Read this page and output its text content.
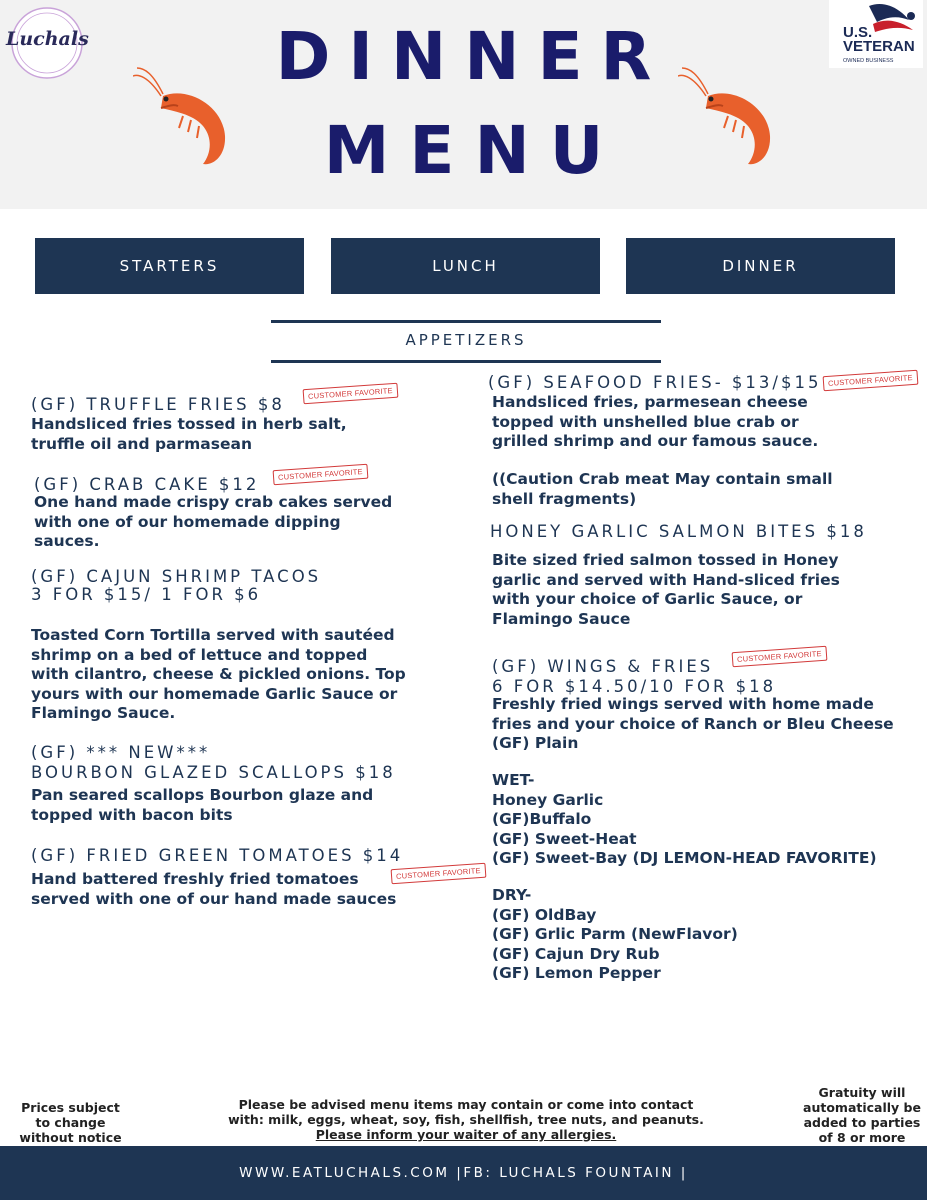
Luchals	DINNER
MENU
U.S.
VETERAN
OWNED BUSINESS
STARTERS	LUNCH	DINNER
APPETIZERS
(GF) TRUFFLE FRIES $8
CUSTOMER FAVORITE
Handsliced fries tossed in herb salt,
truffle oil and parmasean
(GF) CRAB CAKE $12
CUSTOMER FAVORITE
One hand made crispy crab cakes served
with one of our homemade dipping
sauces.
(GF) CAJUN SHRIMP TACOS
3 FOR $15/ 1 FOR $6
Toasted Corn Tortilla served with sautéed
shrimp on a bed of lettuce and topped
with cilantro, cheese & pickled onions. Top
yours with our homemade Garlic Sauce or
Flamingo Sauce.
(GF) *** NEW***
BOURBON GLAZED SCALLOPS $18
Pan seared scallops Bourbon glaze and
topped with bacon bits
(GF) FRIED GREEN TOMATOES $14
CUSTOMER FAVORITE
Hand battered freshly fried tomatoes
served with one of our hand made sauces
(GF) SEAFOOD FRIES- $13/$15 CUSTOMER FAVORITE
Handsliced fries, parmesean cheese
topped with unshelled blue crab or
grilled shrimp and our famous sauce.
((Caution Crab meat May contain small
shell fragments)
HONEY GARLIC SALMON BITES $18
Bite sized fried salmon tossed in Honey
garlic and served with Hand-sliced fries
with your choice of Garlic Sauce, or
Flamingo Sauce
(GF) WINGS & FRIES
CUSTOMER FAVORITE
6 FOR $14.50/10 FOR $18
Freshly fried wings served with home made
fries and your choice of Ranch or Bleu Cheese
(GF) Plain
WET-
Honey Garlic
(GF)Buffalo
(GF) Sweet-Heat
(GF) Sweet-Bay (DJ LEMON-HEAD FAVORITE)
DRY-
(GF) OldBay
(GF) Grlic Parm (NewFlavor)
(GF) Cajun Dry Rub
(GF) Lemon Pepper
Prices subject
to change
without notice
Please be advised menu items may contain or come into contact
with: milk, eggs, wheat, soy, fish, shellfish, tree nuts, and peanuts.
Please inform your waiter of any allergies.
Gratuity will
automatically be
added to parties
of 8 or more
WWW.EATLUCHALS.COM |FB: LUCHALS FOUNTAIN |
